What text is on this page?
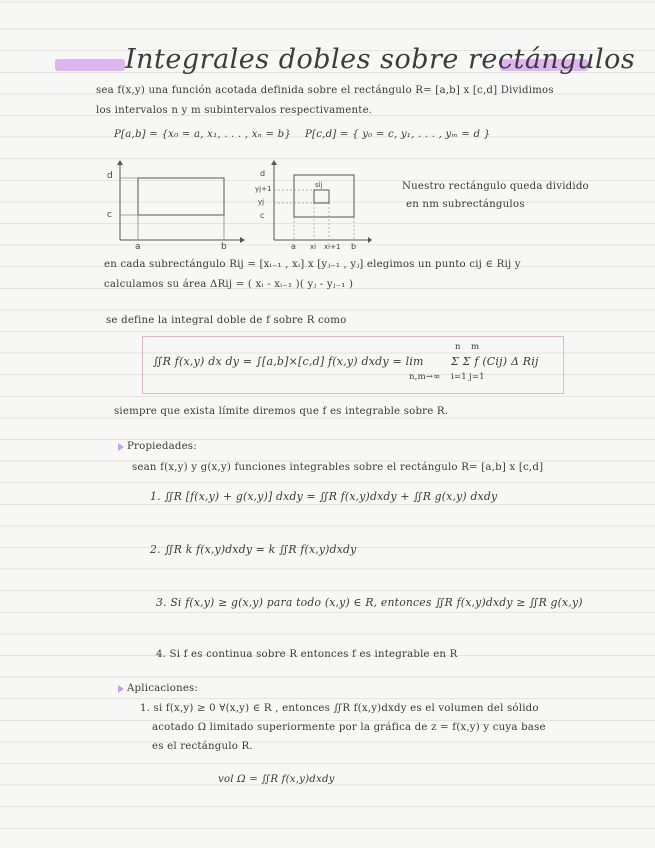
Integrales dobles sobre rectángulos
sea f(x,y) una función acotada definida sobre el rectángulo R= [a,b] x [c,d] Dividimos
los intervalos n y m subintervalos respectivamente.
P[a,b] = {x₀ = a, x₁, . . . , xₙ = b} P[c,d] = { y₀ = c, y₁, . . . , yₘ = d }
d
c
a	b
d
yj+1
yj
c
sij
a xi xi+1 b
Nuestro rectángulo queda dividido
en nm subrectángulos
en cada subrectángulo Rij = [xᵢ₋₁ , xᵢ] x [yⱼ₋₁ , yⱼ] elegimos un punto cij ∈ Rij y
calculamos su área ΔRij = ( xᵢ - xᵢ₋₁ )( yⱼ - yⱼ₋₁ )
se define la integral doble de f sobre R como
∬R f(x,y) dx dy = ∫[a,b]×[c,d] f(x,y) dxdy = lim
n,m→∞
n m
Σ Σ f (Cij) Δ Rij
i=1 j=1
siempre que exista límite diremos que f es integrable sobre R.
Propiedades:
sean f(x,y) y g(x,y) funciones integrables sobre el rectángulo R= [a,b] x [c,d]
1. ∬R [f(x,y) + g(x,y)] dxdy = ∬R f(x,y)dxdy + ∬R g(x,y) dxdy
2. ∬R k f(x,y)dxdy = k ∬R f(x,y)dxdy
3. Si f(x,y) ≥ g(x,y) para todo (x,y) ∈ R, entonces ∬R f(x,y)dxdy ≥ ∬R g(x,y)
4. Si f es continua sobre R entonces f es integrable en R
Aplicaciones:
1. si f(x,y) ≥ 0 ∀(x,y) ∈ R , entonces ∬R f(x,y)dxdy es el volumen del sólido
acotado Ω limitado superiormente por la gráfica de z = f(x,y) y cuya base
es el rectángulo R.
vol Ω = ∬R f(x,y)dxdy
